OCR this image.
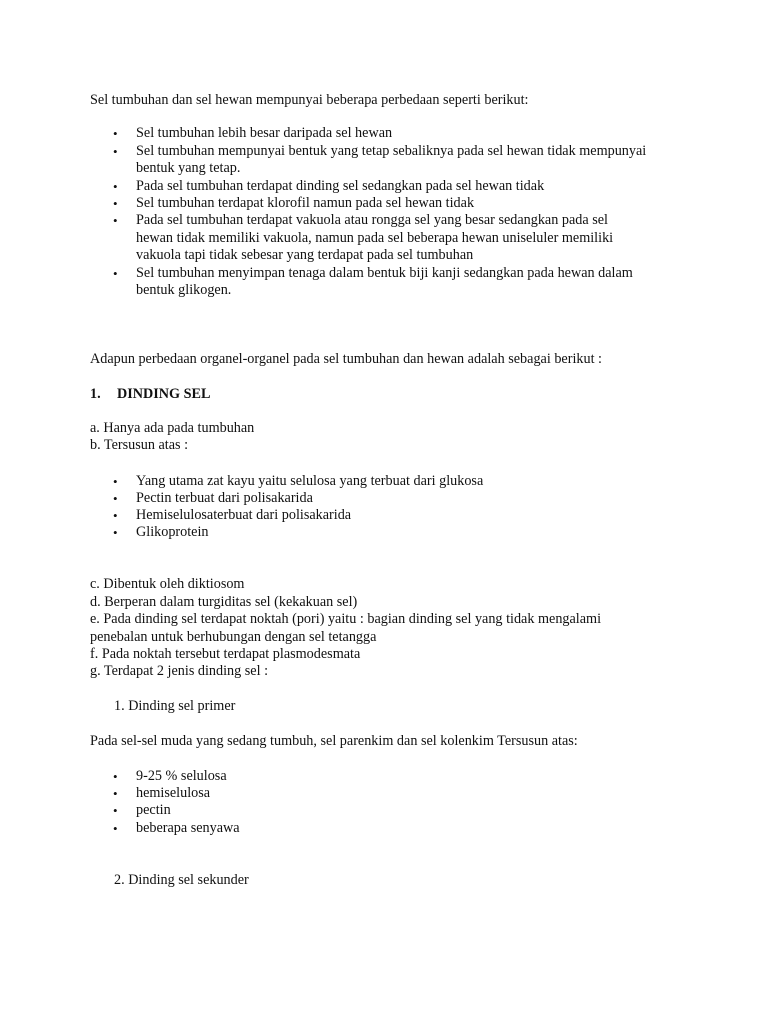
Sel tumbuhan dan sel hewan mempunyai beberapa perbedaan seperti berikut:
• Sel tumbuhan lebih besar daripada sel hewan
• Sel tumbuhan mempunyai bentuk yang tetap sebaliknya pada sel hewan tidak mempunyai
bentuk yang tetap.
• Pada sel tumbuhan terdapat dinding sel sedangkan pada sel hewan tidak
• Sel tumbuhan terdapat klorofil namun pada sel hewan tidak
• Pada sel tumbuhan terdapat vakuola atau rongga sel yang besar sedangkan pada sel
hewan tidak memiliki vakuola, namun pada sel beberapa hewan uniseluler memiliki
vakuola tapi tidak sebesar yang terdapat pada sel tumbuhan
• Sel tumbuhan menyimpan tenaga dalam bentuk biji kanji sedangkan pada hewan dalam
bentuk glikogen.
Adapun perbedaan organel-organel pada sel tumbuhan dan hewan adalah sebagai berikut :
1. DINDING SEL
a. Hanya ada pada tumbuhan
b. Tersusun atas :
• Yang utama zat kayu yaitu selulosa yang terbuat dari glukosa
• Pectin terbuat dari polisakarida
• Hemiselulosaterbuat dari polisakarida
• Glikoprotein
c. Dibentuk oleh diktiosom
d. Berperan dalam turgiditas sel (kekakuan sel)
e. Pada dinding sel terdapat noktah (pori) yaitu : bagian dinding sel yang tidak mengalami
penebalan untuk berhubungan dengan sel tetangga
f. Pada noktah tersebut terdapat plasmodesmata
g. Terdapat 2 jenis dinding sel :
1. Dinding sel primer
Pada sel-sel muda yang sedang tumbuh, sel parenkim dan sel kolenkim Tersusun atas:
• 9-25 % selulosa
• hemiselulosa
• pectin
• beberapa senyawa
2. Dinding sel sekunder
